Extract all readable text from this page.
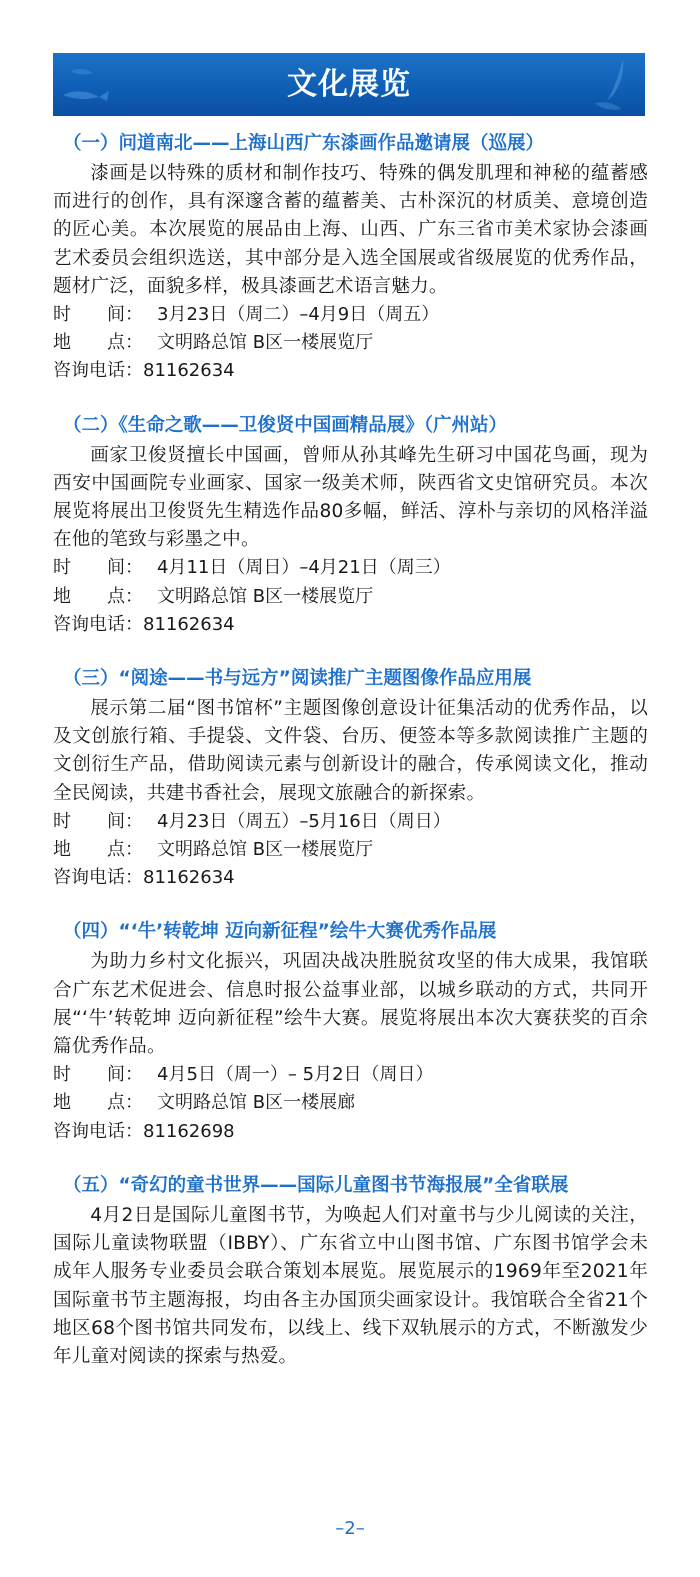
文化展览

（一）问道南北——上海山西广东漆画作品邀请展（巡展）

漆画是以特殊的质材和制作技巧、特殊的偶发肌理和神秘的蕴蓄感而进行的创作，具有深邃含蓄的蕴蓄美、古朴深沉的材质美、意境创造的匠心美。本次展览的展品由上海、山西、广东三省市美术家协会漆画艺术委员会组织选送，其中部分是入选全国展或省级展览的优秀作品，题材广泛，面貌多样，极具漆画艺术语言魅力。

时　　间： 3月23日（周二）–4月9日（周五）

地　　点： 文明路总馆 B区一楼展览厅

咨询电话：81162634

（二）《生命之歌——卫俊贤中国画精品展》（广州站）

画家卫俊贤擅长中国画，曾师从孙其峰先生研习中国花鸟画，现为西安中国画院专业画家、国家一级美术师，陕西省文史馆研究员。本次展览将展出卫俊贤先生精选作品80多幅，鲜活、淳朴与亲切的风格洋溢在他的笔致与彩墨之中。

时　　间： 4月11日（周日）–4月21日（周三）

地　　点： 文明路总馆 B区一楼展览厅

咨询电话：81162634

（三）“阅途——书与远方”阅读推广主题图像作品应用展

展示第二届“图书馆杯”主题图像创意设计征集活动的优秀作品，以及文创旅行箱、手提袋、文件袋、台历、便签本等多款阅读推广主题的文创衍生产品，借助阅读元素与创新设计的融合，传承阅读文化，推动全民阅读，共建书香社会，展现文旅融合的新探索。

时　　间： 4月23日（周五）–5月16日（周日）

地　　点： 文明路总馆 B区一楼展览厅

咨询电话：81162634

（四）“‘牛’转乾坤 迈向新征程”绘牛大赛优秀作品展

为助力乡村文化振兴，巩固决战决胜脱贫攻坚的伟大成果，我馆联合广东艺术促进会、信息时报公益事业部，以城乡联动的方式，共同开展“‘牛’转乾坤 迈向新征程”绘牛大赛。展览将展出本次大赛获奖的百余篇优秀作品。

时　　间： 4月5日（周一）– 5月2日（周日）

地　　点： 文明路总馆 B区一楼展廊

咨询电话：81162698

（五）“奇幻的童书世界——国际儿童图书节海报展”全省联展

4月2日是国际儿童图书节，为唤起人们对童书与少儿阅读的关注，国际儿童读物联盟（IBBY）、广东省立中山图书馆、广东图书馆学会未成年人服务专业委员会联合策划本展览。展览展示的1969年至2021年国际童书节主题海报，均由各主办国顶尖画家设计。我馆联合全省21个地区68个图书馆共同发布，以线上、线下双轨展示的方式，不断激发少年儿童对阅读的探索与热爱。

–2–
